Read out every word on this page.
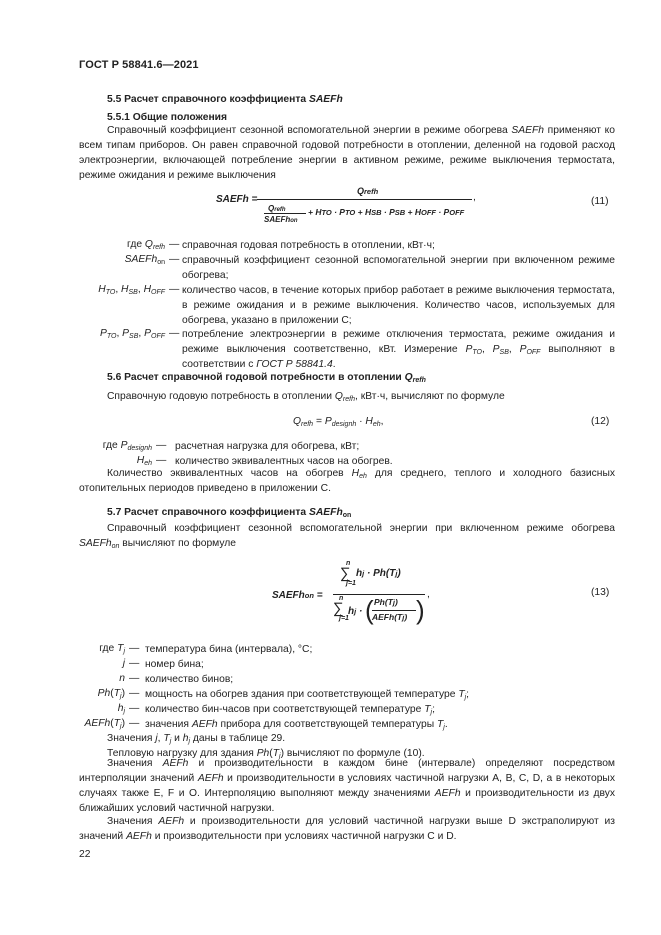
ГОСТ Р 58841.6—2021
5.5 Расчет справочного коэффициента SAEFh
5.5.1 Общие положения
Справочный коэффициент сезонной вспомогательной энергии в режиме обогрева SAEFh применяют ко всем типам приборов. Он равен справочной годовой потребности в отоплении, деленной на годовой расход электроэнергии, включающей потребление энергии в активном режиме, режиме выключения термостата, режиме ожидания и режиме выключения
SAEFh =
Qrefh
Qrefh
SAEFhon
+ HTO · PTO + HSB · PSB + HOFF · POFF
,	(11)
где $Q_{refh}$ — справочная годовая потребность в отоплении, кВт·ч;
SAEFh$_{on}$ — справочный коэффициент сезонной вспомогательной энергии при включенном режиме обогрева;
$H_{TO}$, $H_{SB}$, $H_{OFF}$ — количество часов, в течение которых прибор работает в режиме выключения термостата, в режиме ожидания и в режиме выключения. Количество часов, используемых для обогрева, указано в приложении С;
$P_{TO}$, $P_{SB}$, $P_{OFF}$ — потребление электроэнергии в режиме отключения термостата, режиме ожидания и режиме выключения соответственно, кВт. Измерение $P_{TO}$, $P_{SB}$, $P_{OFF}$ выполняют в соответствии с ГОСТ Р 58841.4.
5.6 Расчет справочной годовой потребности в отоплении $Q_{refh}$
Справочную годовую потребность в отоплении $Q_{refh}$, кВт·ч, вычисляют по формуле
$Q_{refh} = P_{designh} \cdot H_{eh}$,	(12)
где $P_{designh}$ — расчетная нагрузка для обогрева, кВт;
$H_{eh}$ — количество эквивалентных часов на обогрев.
Количество эквивалентных часов на обогрев $H_{eh}$ для среднего, теплого и холодного базисных отопительных периодов приведено в приложении С.
5.7 Расчет справочного коэффициента SAEFh$_{on}$
Справочный коэффициент сезонной вспомогательной энергии при включенном режиме обогрева SAEFh$_{on}$ вычисляют по формуле
SAEFhon =
n
∑
j=1
hj · Ph(Tj)
n
∑
j=1
hj · ( Ph(Tj)
AEFh(Tj) )
,	(13)
где $T_j$ — температура бина (интервала), °С;
j — номер бина;
n — количество бинов;
$Ph(T_j)$ — мощность на обогрев здания при соответствующей температуре $T_j$;
$h_j$ — количество бин-часов при соответствующей температуре $T_j$;
$AEFh(T_j)$ — значения AEFh прибора для соответствующей температуры $T_j$.
Значения j, $T_j$ и $h_j$ даны в таблице 29.
Тепловую нагрузку для здания $Ph(T_j)$ вычисляют по формуле (10).
Значения AEFh и производительности в каждом бине (интервале) определяют посредством интерполяции значений AEFh и производительности в условиях частичной нагрузки A, B, C, D, а в некоторых случаях также E, F и О. Интерполяцию выполняют между значениями AEFh и производительности из двух ближайших условий частичной нагрузки.
Значения AEFh и производительности для условий частичной нагрузки выше D экстраполируют из значений AEFh и производительности при условиях частичной нагрузки С и D.
22
